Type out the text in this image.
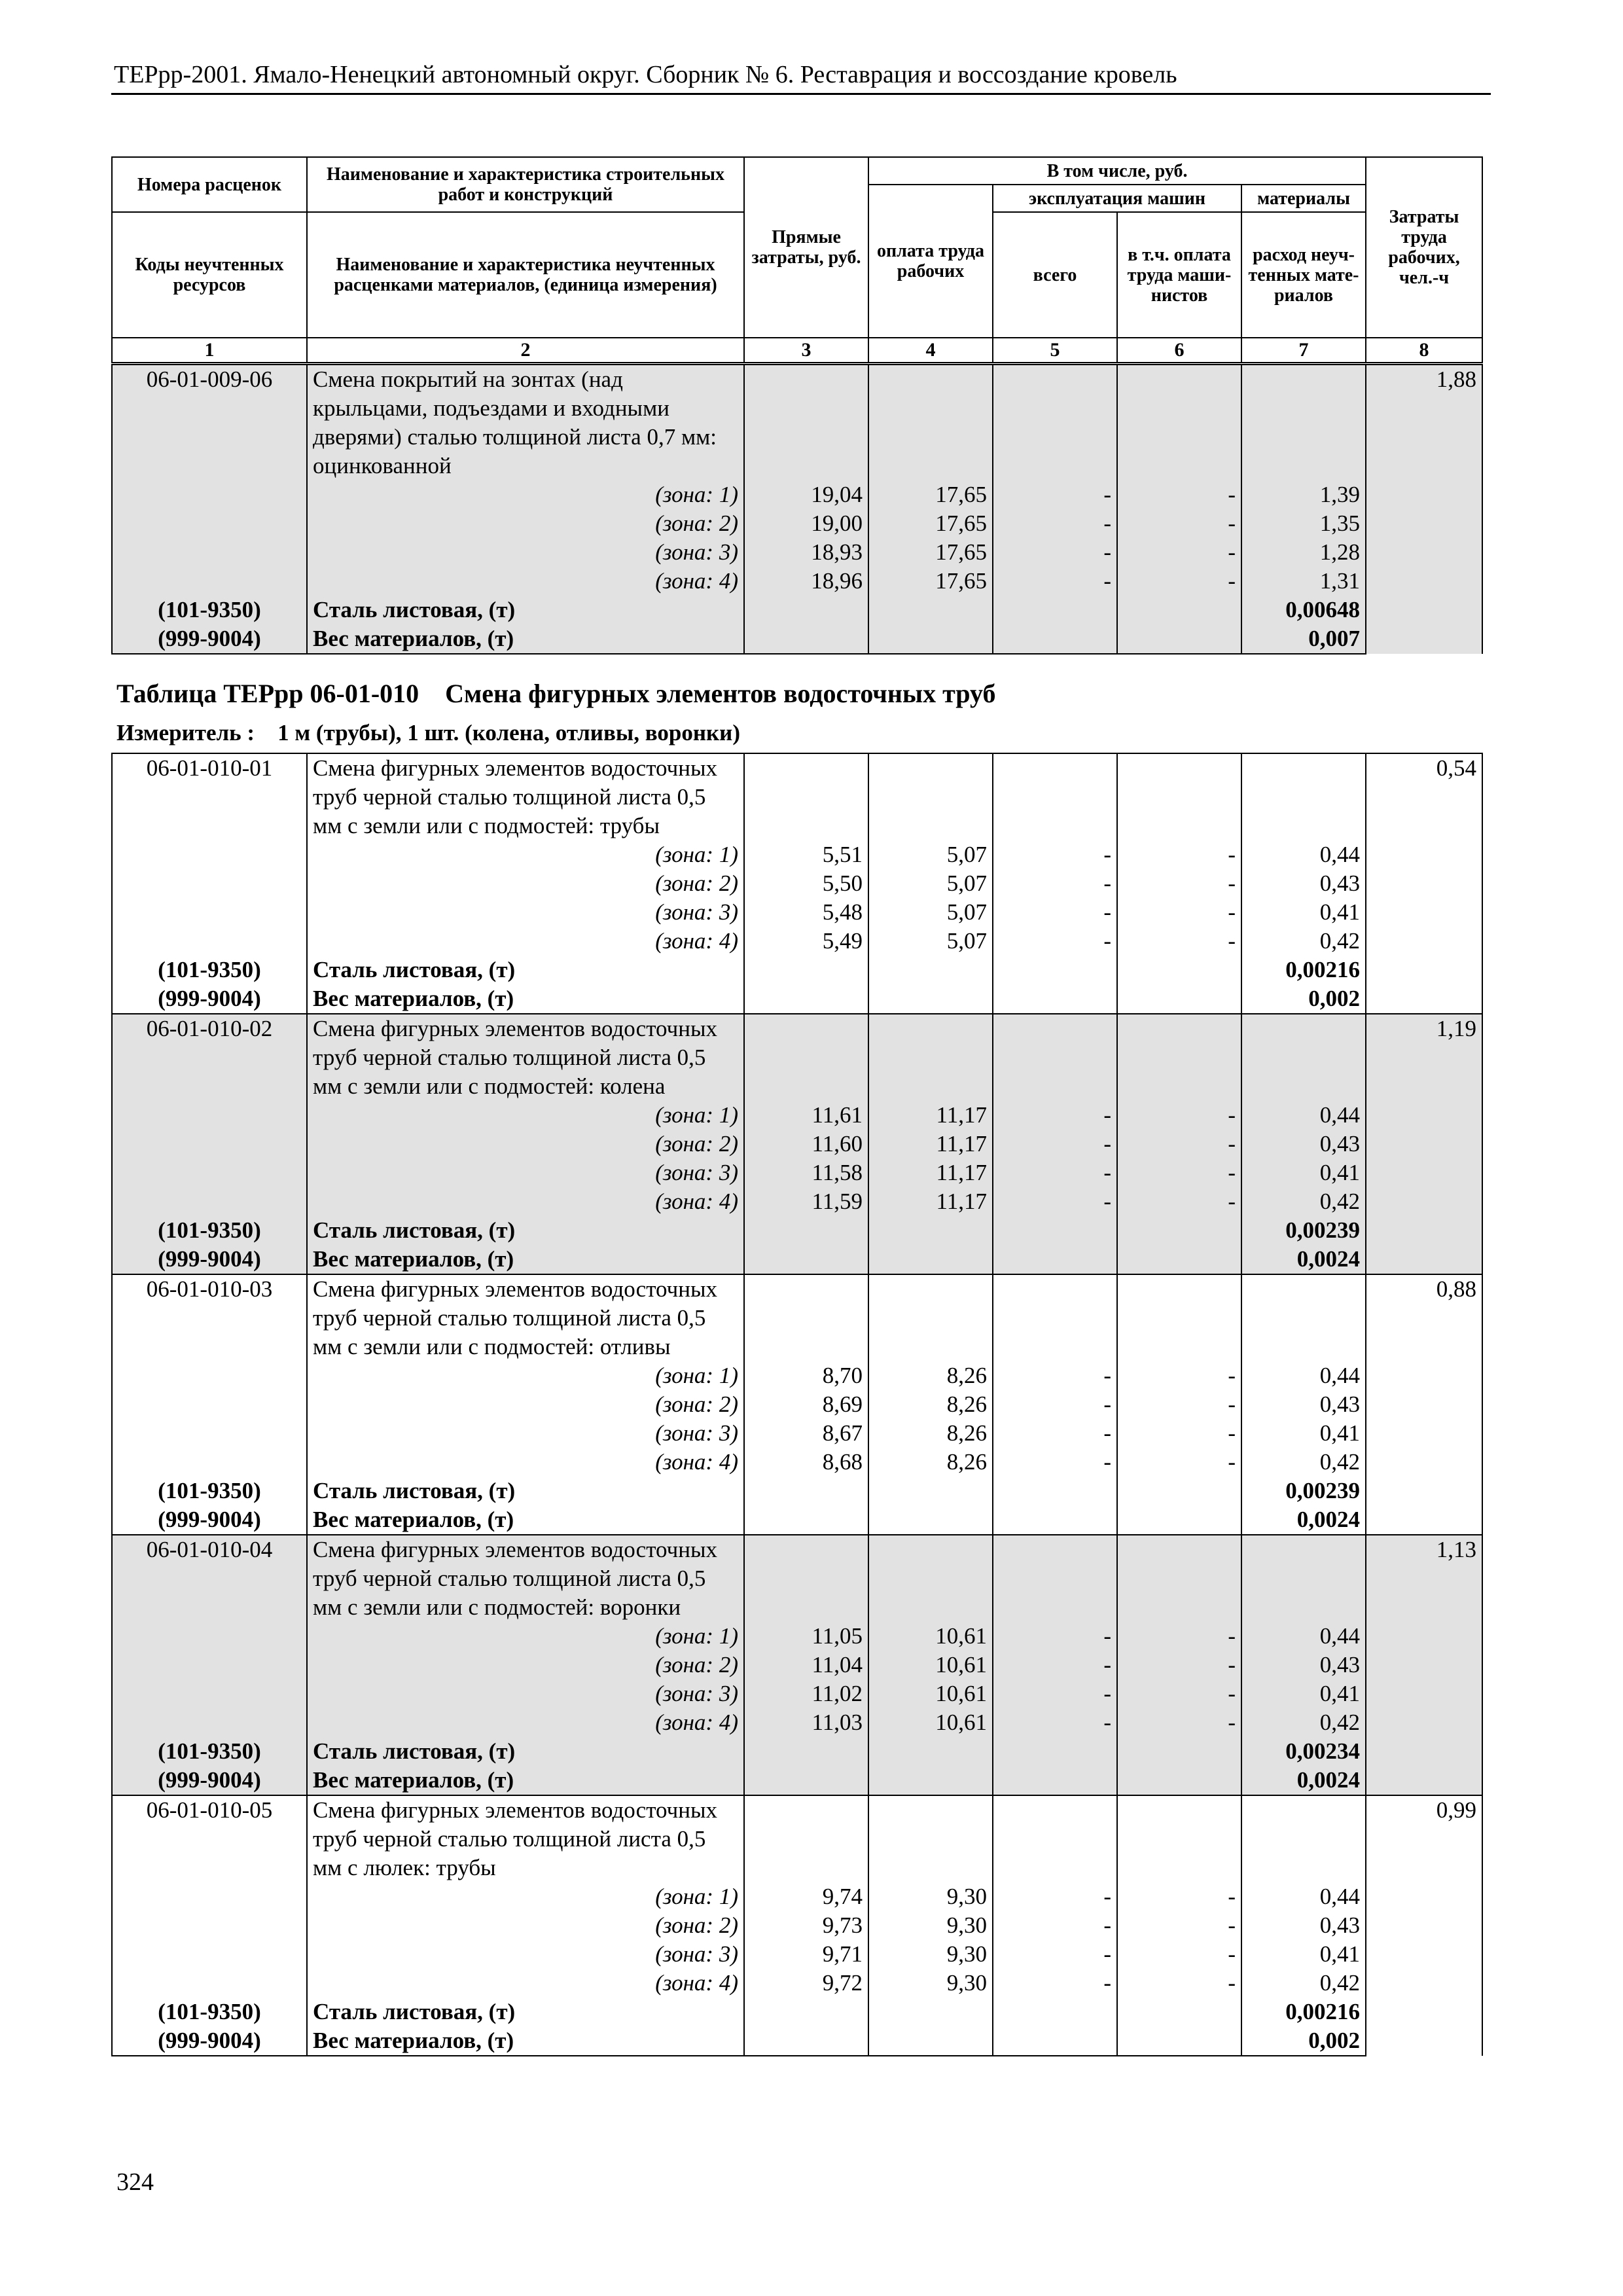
ТЕРрр-2001. Ямало-Ненецкий автономный округ. Сборник № 6. Реставрация и воссоздание кровель
Номера расценок	Наименование и характеристика строительных работ и конструкций	Прямые затраты, руб.	В том числе, руб.				Затраты труда рабочих, чел.-ч
			оплата труда рабочих	эксплуатация машин		материалы	
Коды неучтенных ресурсов	Наименование и характеристика неучтенных расценками материалов, (единица измерения)			всего	в т.ч. оплата труда маши-нистов	расход неуч-тенных мате-риалов	
1	2	3	4	5	6	7	8
06-01-009-06	Смена покрытий на зонтах (над крыльцами, подъездами и входными дверями) сталью толщиной листа 0,7 мм: оцинкованной						1,88
	(зона: 1)	19,04	17,65	-	-	1,39	
	(зона: 2)	19,00	17,65	-	-	1,35	
	(зона: 3)	18,93	17,65	-	-	1,28	
	(зона: 4)	18,96	17,65	-	-	1,31	
(101-9350)	Сталь листовая, (т)					0,00648	
(999-9004)	Вес материалов, (т)					0,007	
Таблица ТЕРрр 06-01-010 Смена фигурных элементов водосточных труб
Измеритель : 1 м (трубы), 1 шт. (колена, отливы, воронки)
06-01-010-01	Смена фигурных элементов водосточных труб черной сталью толщиной листа 0,5 мм с земли или с подмостей: трубы						0,54
	(зона: 1)	5,51	5,07	-	-	0,44	
	(зона: 2)	5,50	5,07	-	-	0,43	
	(зона: 3)	5,48	5,07	-	-	0,41	
	(зона: 4)	5,49	5,07	-	-	0,42	
(101-9350)	Сталь листовая, (т)					0,00216	
(999-9004)	Вес материалов, (т)					0,002	
06-01-010-02	Смена фигурных элементов водосточных труб черной сталью толщиной листа 0,5 мм с земли или с подмостей: колена						1,19
	(зона: 1)	11,61	11,17	-	-	0,44	
	(зона: 2)	11,60	11,17	-	-	0,43	
	(зона: 3)	11,58	11,17	-	-	0,41	
	(зона: 4)	11,59	11,17	-	-	0,42	
(101-9350)	Сталь листовая, (т)					0,00239	
(999-9004)	Вес материалов, (т)					0,0024	
06-01-010-03	Смена фигурных элементов водосточных труб черной сталью толщиной листа 0,5 мм с земли или с подмостей: отливы						0,88
	(зона: 1)	8,70	8,26	-	-	0,44	
	(зона: 2)	8,69	8,26	-	-	0,43	
	(зона: 3)	8,67	8,26	-	-	0,41	
	(зона: 4)	8,68	8,26	-	-	0,42	
(101-9350)	Сталь листовая, (т)					0,00239	
(999-9004)	Вес материалов, (т)					0,0024	
06-01-010-04	Смена фигурных элементов водосточных труб черной сталью толщиной листа 0,5 мм с земли или с подмостей: воронки						1,13
	(зона: 1)	11,05	10,61	-	-	0,44	
	(зона: 2)	11,04	10,61	-	-	0,43	
	(зона: 3)	11,02	10,61	-	-	0,41	
	(зона: 4)	11,03	10,61	-	-	0,42	
(101-9350)	Сталь листовая, (т)					0,00234	
(999-9004)	Вес материалов, (т)					0,0024	
06-01-010-05	Смена фигурных элементов водосточных труб черной сталью толщиной листа 0,5 мм с люлек: трубы						0,99
	(зона: 1)	9,74	9,30	-	-	0,44	
	(зона: 2)	9,73	9,30	-	-	0,43	
	(зона: 3)	9,71	9,30	-	-	0,41	
	(зона: 4)	9,72	9,30	-	-	0,42	
(101-9350)	Сталь листовая, (т)					0,00216	
(999-9004)	Вес материалов, (т)					0,002	
324
